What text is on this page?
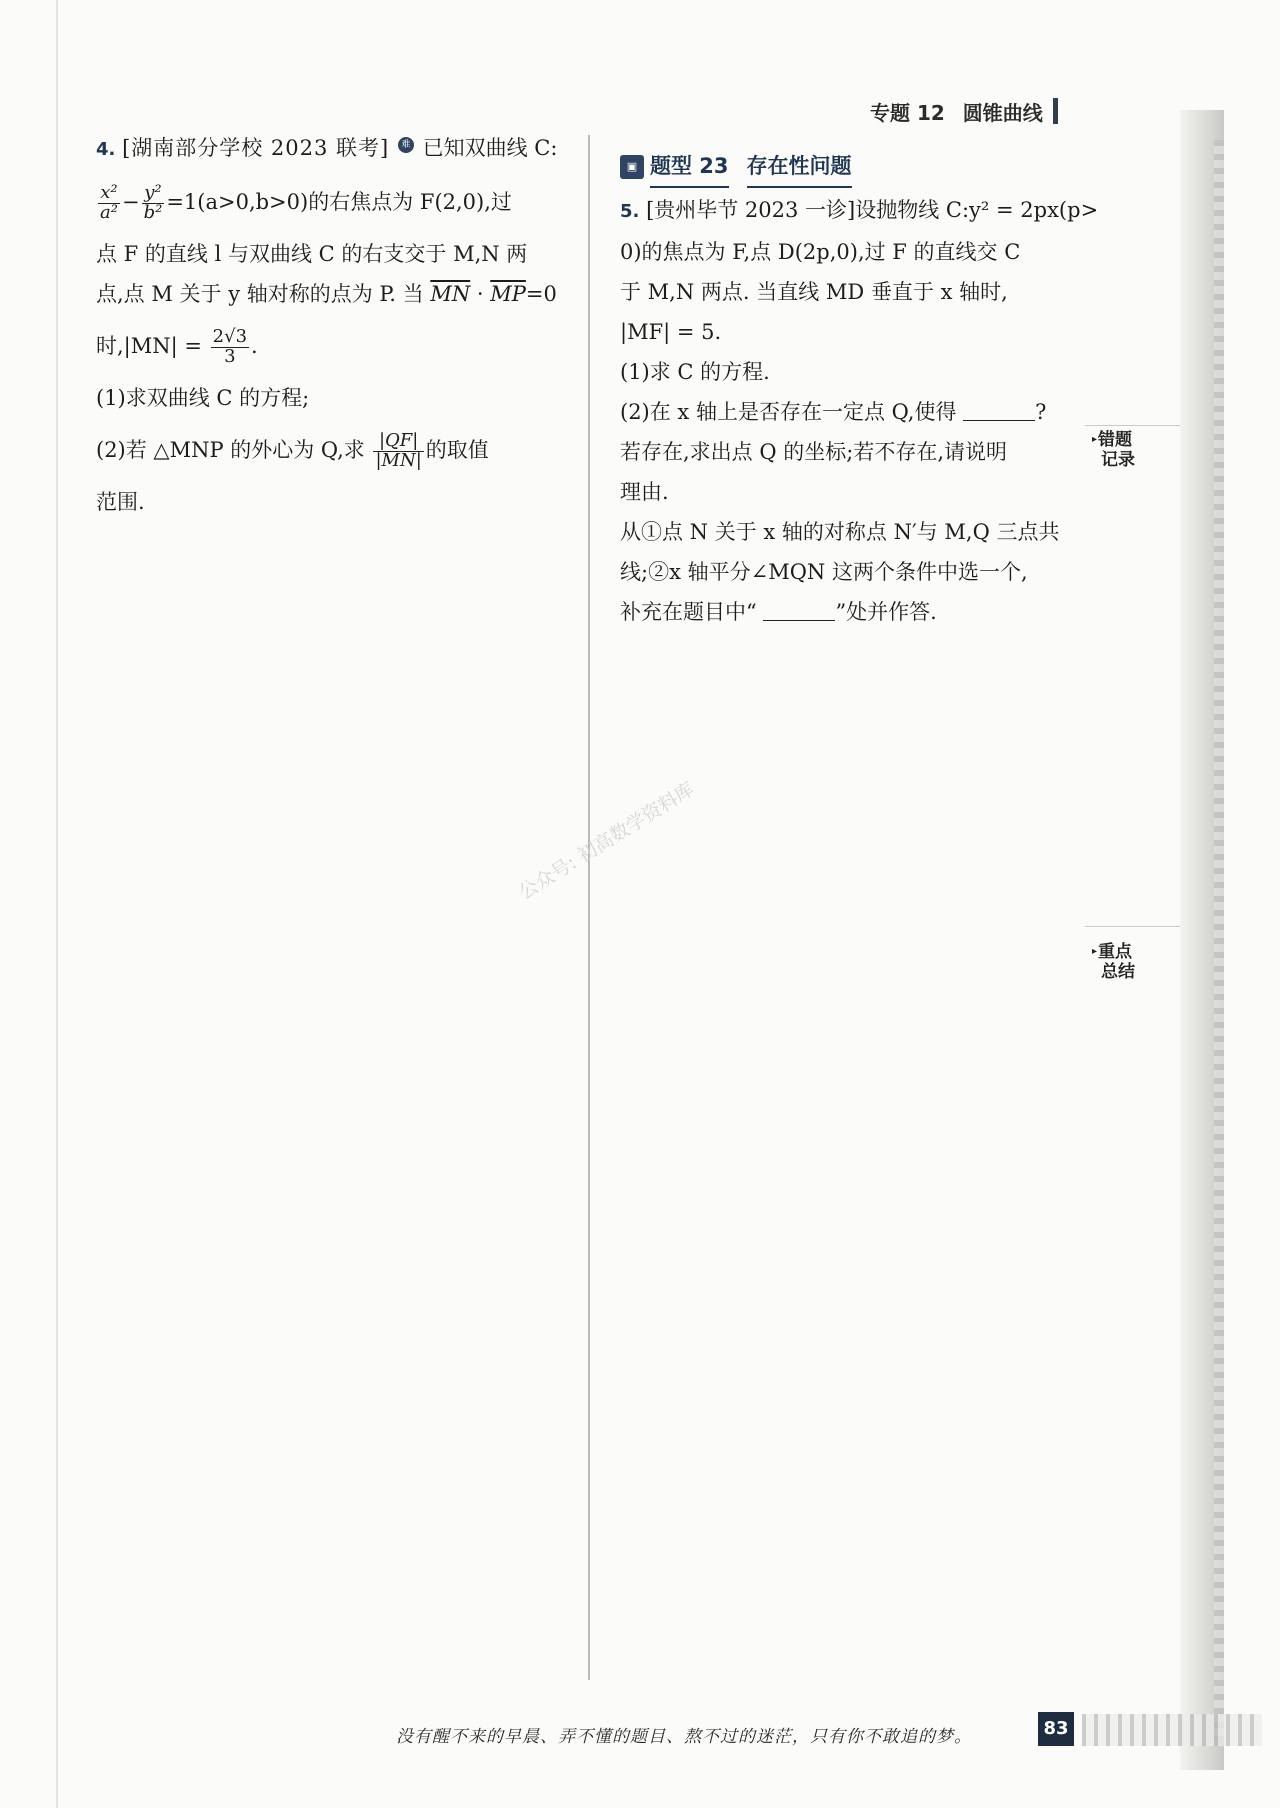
专题 12 圆锥曲线

4. [湖南部分学校 2023 联考] 难 已知双曲线 C:

$\frac{\text{x²}}{\text{a²}} - \frac{\text{y²}}{\text{b²}} =1(a>0,b>0)$的右焦点为 F(2,0),过

点 F 的直线 l 与双曲线 C 的右支交于 M,N 两

点,点 M 关于 y 轴对称的点为 P. 当 $\overline{MN} \cdot \overline{MP}=0$

时$,|MN| = \frac{2√3}{3}$ .

(1)求双曲线 C 的方程;

(2)若 △MNP 的外心为 Q,求 $\frac{|QF|}{|MN|}$ 的取值

范围.

▣ 题型 23 存在性问题

5. [贵州毕节 2023 一诊]设抛物线 C:y² = 2px(p>

0)的焦点为 F,点 D(2p,0),过 F 的直线交 C

于 M,N 两点. 当直线 MD 垂直于 x 轴时,

|MF| = 5.

(1)求 C 的方程.

(2)在 x 轴上是否存在一定点 Q,使得	?

若存在,求出点 Q 的坐标;若不存在,请说明

理由.

从①点 N 关于 x 轴的对称点 N′与 M,Q 三点共

线;②x 轴平分∠MQN 这两个条件中选一个,

补充在题目中“	”处并作答.

▸错题
记录
▸重点
总结
公众号: 初高数学资料库
没有醒不来的早晨、弄不懂的题目、熬不过的迷茫，只有你不敢追的梦。	83
